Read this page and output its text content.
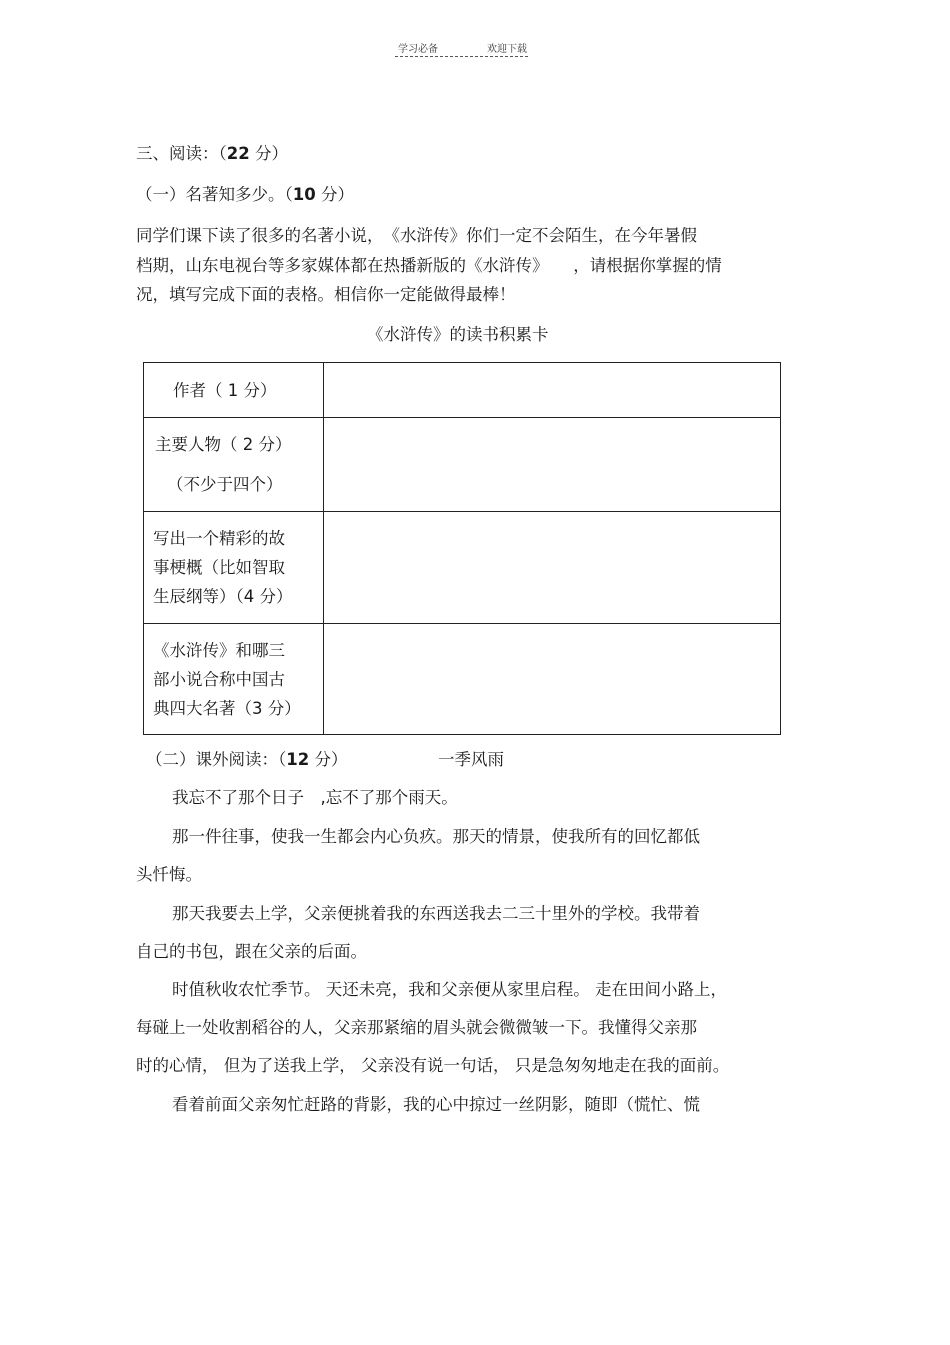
学习必备	欢迎下载
三、阅读：（22 分）
（一）名著知多少。（10 分）
同学们课下读了很多的名著小说，　《水浒传》你们一定不会陌生，在今年暑假
档期，山东电视台等多家媒体都在热播新版的《水浒传》　　，请根据你掌握的情
况，填写完成下面的表格。相信你一定能做得最棒！
《水浒传》的读书积累卡
作者（ 1 分）	

主要人物（ 2 分）
（不少于四个）	

写出一个精彩的故
事梗概（比如智取
生辰纲等）（4 分）	

《水浒传》和哪三
部小说合称中国古
典四大名著（3 分）	

（二）课外阅读：（12 分）	一季风雨
我忘不了那个日子　,忘不了那个雨天。
那一件往事，使我一生都会内心负疚。那天的情景，使我所有的回忆都低
头忏悔。
那天我要去上学，父亲便挑着我的东西送我去二三十里外的学校。我带着
自己的书包，跟在父亲的后面。
时值秋收农忙季节。 天还未亮，我和父亲便从家里启程。 走在田间小路上，
每碰上一处收割稻谷的人，父亲那紧缩的眉头就会微微皱一下。我懂得父亲那
时的心情， 但为了送我上学， 父亲没有说一句话， 只是急匆匆地走在我的面前。
看着前面父亲匆忙赶路的背影，我的心中掠过一丝阴影，随即（慌忙、慌
